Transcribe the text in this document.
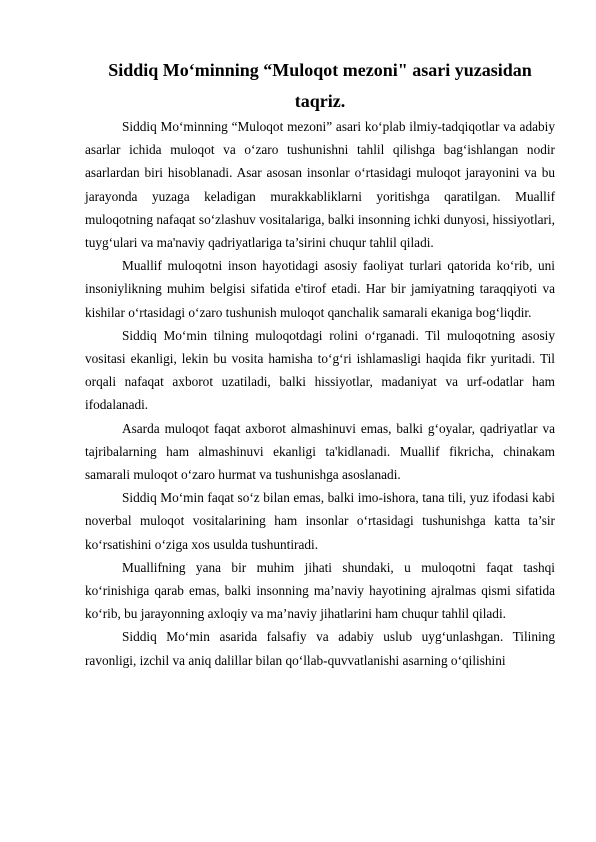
Siddiq Mo‘minning “Muloqot mezoni" asari yuzasidan taqriz.

Siddiq Mo‘minning “Muloqot mezoni” asari ko‘plab ilmiy-tadqiqotlar va adabiy asarlar ichida muloqot va o‘zaro tushunishni tahlil qilishga bag‘ishlangan nodir asarlardan biri hisoblanadi. Asar asosan insonlar o‘rtasidagi muloqot jarayonini va bu jarayonda yuzaga keladigan murakkabliklarni yoritishga qaratilgan. Muallif muloqotning nafaqat so‘zlashuv vositalariga, balki insonning ichki dunyosi, hissiyotlari, tuyg‘ulari va ma'naviy qadriyatlariga ta’sirini chuqur tahlil qiladi.

Muallif muloqotni inson hayotidagi asosiy faoliyat turlari qatorida ko‘rib, uni insoniylikning muhim belgisi sifatida e'tirof etadi. Har bir jamiyatning taraqqiyoti va kishilar o‘rtasidagi o‘zaro tushunish muloqot qanchalik samarali ekaniga bog‘liqdir.

Siddiq Mo‘min tilning muloqotdagi rolini o‘rganadi. Til muloqotning asosiy vositasi ekanligi, lekin bu vosita hamisha to‘g‘ri ishlamasligi haqida fikr yuritadi. Til orqali nafaqat axborot uzatiladi, balki hissiyotlar, madaniyat va urf-odatlar ham ifodalanadi.

Asarda muloqot faqat axborot almashinuvi emas, balki g‘oyalar, qadriyatlar va tajribalarning ham almashinuvi ekanligi ta'kidlanadi. Muallif fikricha, chinakam samarali muloqot o‘zaro hurmat va tushunishga asoslanadi.

Siddiq Mo‘min faqat so‘z bilan emas, balki imo-ishora, tana tili, yuz ifodasi kabi noverbal muloqot vositalarining ham insonlar o‘rtasidagi tushunishga katta ta’sir ko‘rsatishini o‘ziga xos usulda tushuntiradi.

Muallifning yana bir muhim jihati shundaki, u muloqotni faqat tashqi ko‘rinishiga qarab emas, balki insonning ma’naviy hayotining ajralmas qismi sifatida ko‘rib, bu jarayonning axloqiy va ma’naviy jihatlarini ham chuqur tahlil qiladi.

Siddiq Mo‘min asarida falsafiy va adabiy uslub uyg‘unlashgan. Tilining ravonligi, izchil va aniq dalillar bilan qo‘llab-quvvatlanishi asarning o‘qilishini
